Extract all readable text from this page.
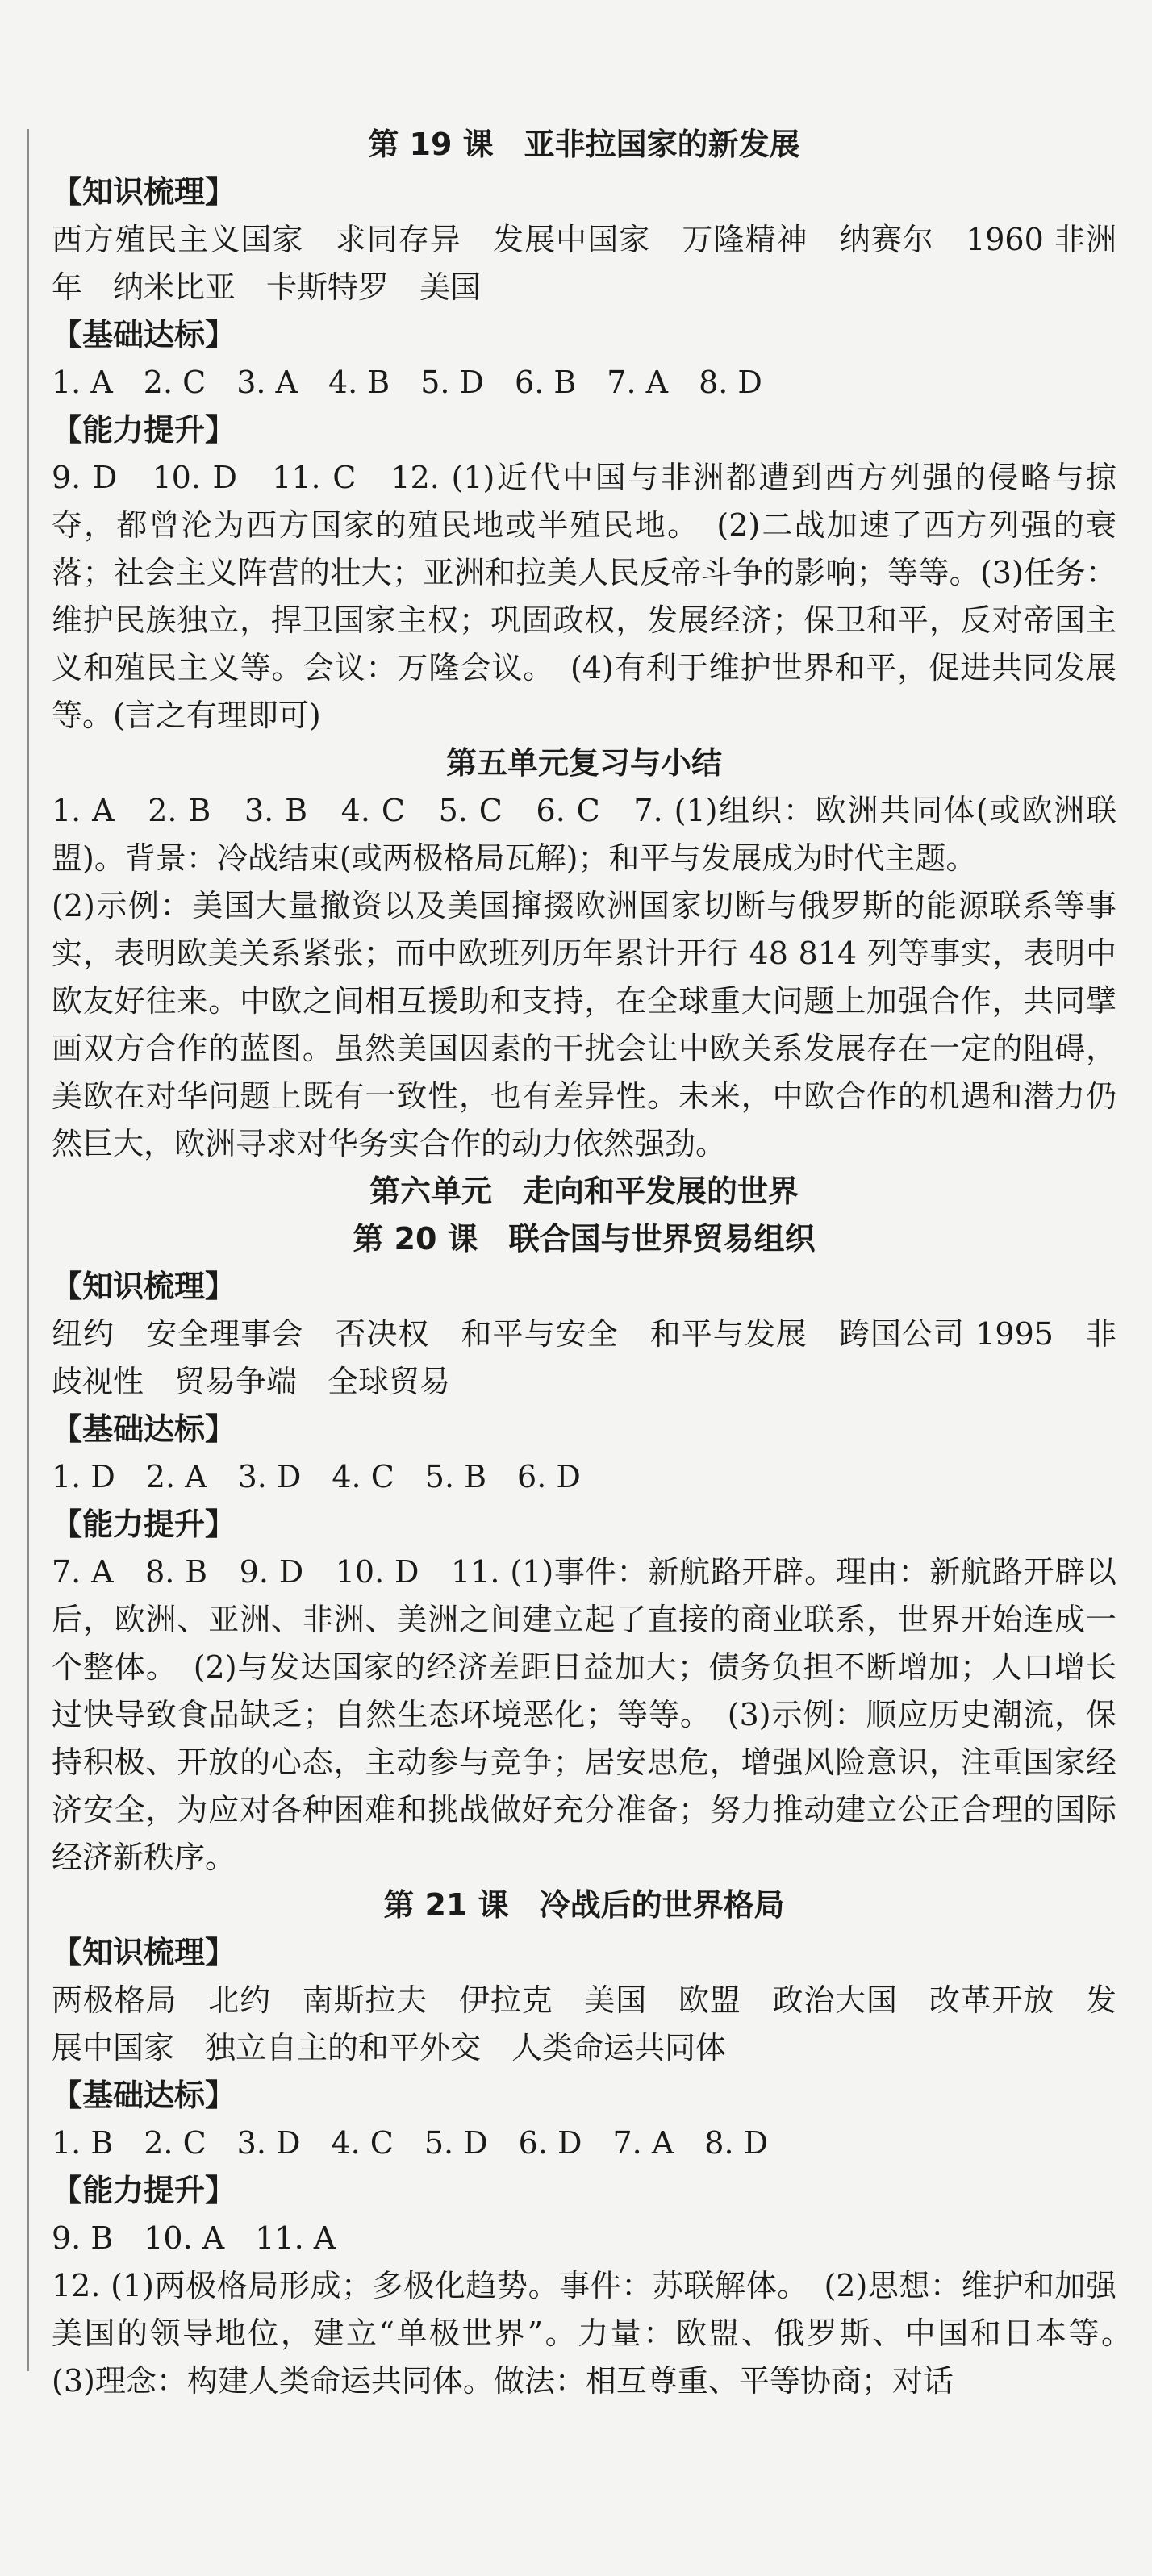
第 19 课　亚非拉国家的新发展
【知识梳理】
西方殖民主义国家　求同存异　发展中国家　万隆精神　纳赛尔　1960 非洲年　纳米比亚　卡斯特罗　美国
【基础达标】
1. A　2. C　3. A　4. B　5. D　6. B　7. A　8. D
【能力提升】
9. D　10. D　11. C　12. (1)近代中国与非洲都遭到西方列强的侵略与掠夺，都曾沦为西方国家的殖民地或半殖民地。　(2)二战加速了西方列强的衰落；社会主义阵营的壮大；亚洲和拉美人民反帝斗争的影响；等等。(3)任务：维护民族独立，捍卫国家主权；巩固政权，发展经济；保卫和平，反对帝国主义和殖民主义等。会议：万隆会议。　(4)有利于维护世界和平，促进共同发展等。(言之有理即可)
第五单元复习与小结
1. A　2. B　3. B　4. C　5. C　6. C　7. (1)组织：欧洲共同体(或欧洲联盟)。背景：冷战结束(或两极格局瓦解)；和平与发展成为时代主题。
(2)示例：美国大量撤资以及美国撺掇欧洲国家切断与俄罗斯的能源联系等事实，表明欧美关系紧张；而中欧班列历年累计开行 48 814 列等事实，表明中欧友好往来。中欧之间相互援助和支持，在全球重大问题上加强合作，共同擘画双方合作的蓝图。虽然美国因素的干扰会让中欧关系发展存在一定的阻碍，美欧在对华问题上既有一致性，也有差异性。未来，中欧合作的机遇和潜力仍然巨大，欧洲寻求对华务实合作的动力依然强劲。
第六单元　走向和平发展的世界
第 20 课　联合国与世界贸易组织
【知识梳理】
纽约　安全理事会　否决权　和平与安全　和平与发展　跨国公司 1995　非歧视性　贸易争端　全球贸易
【基础达标】
1. D　2. A　3. D　4. C　5. B　6. D
【能力提升】
7. A　8. B　9. D　10. D　11. (1)事件：新航路开辟。理由：新航路开辟以后，欧洲、亚洲、非洲、美洲之间建立起了直接的商业联系，世界开始连成一个整体。　(2)与发达国家的经济差距日益加大；债务负担不断增加；人口增长过快导致食品缺乏；自然生态环境恶化；等等。　(3)示例：顺应历史潮流，保持积极、开放的心态，主动参与竞争；居安思危，增强风险意识，注重国家经济安全，为应对各种困难和挑战做好充分准备；努力推动建立公正合理的国际经济新秩序。
第 21 课　冷战后的世界格局
【知识梳理】
两极格局　北约　南斯拉夫　伊拉克　美国　欧盟　政治大国　改革开放　发展中国家　独立自主的和平外交　人类命运共同体
【基础达标】
1. B　2. C　3. D　4. C　5. D　6. D　7. A　8. D
【能力提升】
9. B　10. A　11. A
12. (1)两极格局形成；多极化趋势。事件：苏联解体。　(2)思想：维护和加强美国的领导地位，建立“单极世界”。力量：欧盟、俄罗斯、中国和日本等。　(3)理念：构建人类命运共同体。做法：相互尊重、平等协商；对话
